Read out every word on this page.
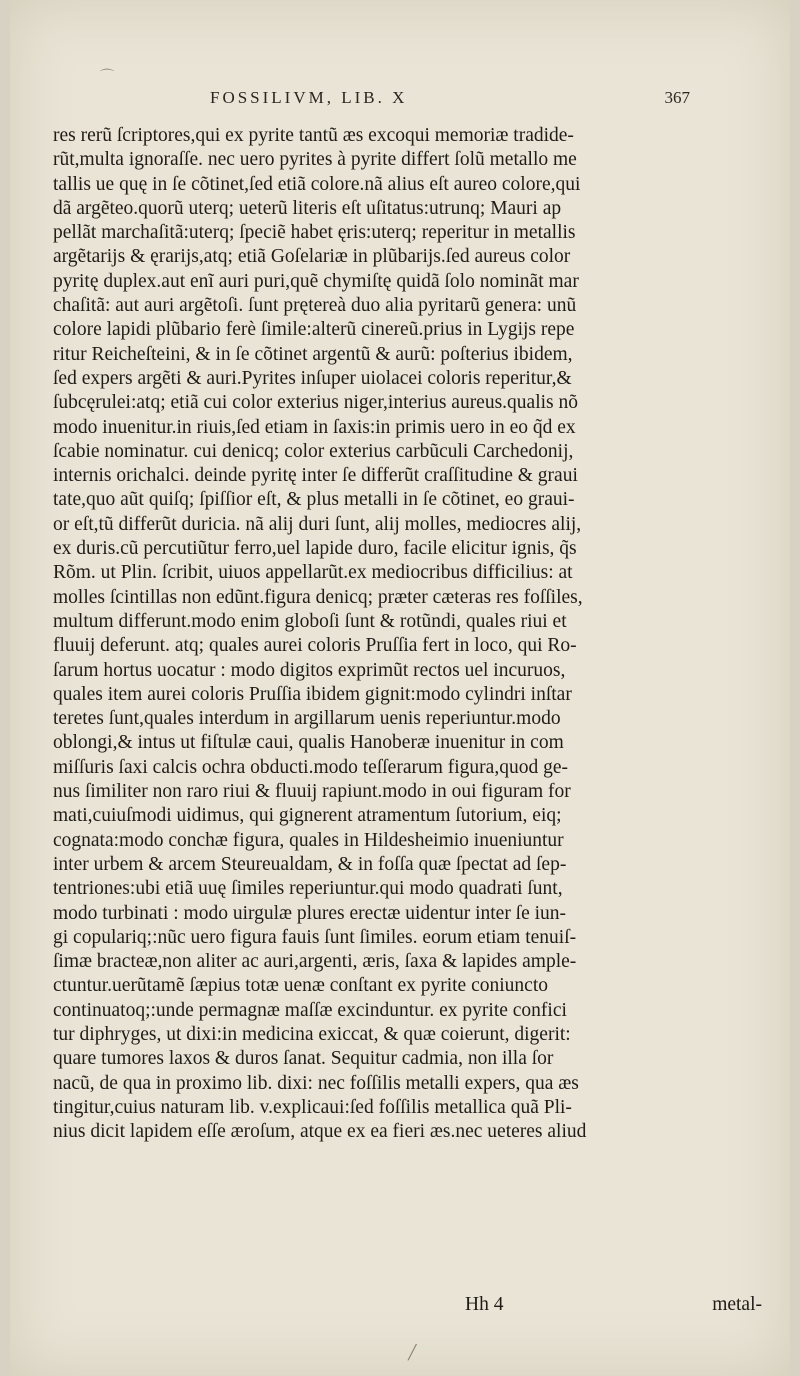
FOSSILIVM, LIB. X	367
res rerũ ſcriptores,qui ex pyrite tantũ æs excoqui memoriæ tradide-
rũt,multa ignoraſſe. nec uero pyrites à pyrite differt ſolũ metallo me
tallis ue quę in ſe cõtinet,ſed etiã colore.nã alius eſt aureo colore,qui
dã argẽteo.quorũ uterq; ueterũ literis eſt uſitatus:utrunq; Mauri ap
pellãt marchaſitã:uterq; ſpeciẽ habet ęris:uterq; reperitur in metallis
argẽtarijs & ęrarijs,atq; etiã Goſelariæ in plũbarijs.ſed aureus color
pyritę duplex.aut enĩ auri puri,quẽ chymiſtę quidã ſolo nominãt mar
chaſitã: aut auri argẽtoſi. ſunt prętereà duo alia pyritarũ genera: unũ
colore lapidi plũbario ferè ſimile:alterũ cinereũ.prius in Lygijs repe
ritur Reicheſteini, & in ſe cõtinet argentũ & aurũ: poſterius ibidem,
ſed expers argẽti & auri.Pyrites inſuper uiolacei coloris reperitur,&
ſubcęrulei:atq; etiã cui color exterius niger,interius aureus.qualis nõ
modo inuenitur.in riuis,ſed etiam in ſaxis:in primis uero in eo q̃d ex
ſcabie nominatur. cui denicq; color exterius carbũculi Carchedonij,
internis orichalci. deinde pyritę inter ſe differũt craſſitudine & graui
tate,quo aũt quiſq; ſpiſſior eſt, & plus metalli in ſe cõtinet, eo graui-
or eſt,tũ differũt duricia. nã alij duri ſunt, alij molles, mediocres alij,
ex duris.cũ percutiũtur ferro,uel lapide duro, facile elicitur ignis, q̃s
Rõm. ut Plin. ſcribit, uiuos appellarũt.ex mediocribus difficilius: at
molles ſcintillas non edũnt.figura denicq; prӕter cӕteras res foſſiles,
multum differunt.modo enim globoſi ſunt & rotũndi, quales riui et
fluuij deferunt. atq; quales aurei coloris Pruſſia fert in loco, qui Ro-
ſarum hortus uocatur : modo digitos exprimũt rectos uel incuruos,
quales item aurei coloris Pruſſia ibidem gignit:modo cylindri inſtar
teretes ſunt,quales interdum in argillarum uenis reperiuntur.modo
oblongi,& intus ut fiſtulæ caui, qualis Hanoberæ inuenitur in com
miſſuris ſaxi calcis ochra obducti.modo teſſerarum figura,quod ge-
nus ſimiliter non raro riui & fluuij rapiunt.modo in oui figuram for
mati,cuiuſmodi uidimus, qui gignerent atramentum ſutorium, eiq;
cognata:modo conchæ figura, quales in Hildesheimio inueniuntur
inter urbem & arcem Steureualdam, & in foſſa quæ ſpectat ad ſep-
tentriones:ubi etiã uuę ſimiles reperiuntur.qui modo quadrati ſunt,
modo turbinati : modo uirgulæ plures erectæ uidentur inter ſe iun-
gi copulariq;:nũc uero figura fauis ſunt ſimiles. eorum etiam tenuiſ-
ſimæ bracteæ,non aliter ac auri,argenti, æris, ſaxa & lapides ample-
ctuntur.uerũtamẽ ſæpius totæ uenæ conſtant ex pyrite coniuncto
continuatoq;:unde permagnæ maſſæ excinduntur. ex pyrite confici
tur diphryges, ut dixi:in medicina exiccat, & quæ coierunt, digerit:
quare tumores laxos & duros ſanat. Sequitur cadmia, non illa ſor
nacũ, de qua in proximo lib. dixi: nec foſſilis metalli expers, qua æs
tingitur,cuius naturam lib. v.explicaui:ſed foſſilis metallica quã Pli-
nius dicit lapidem eſſe ærоſum, atque ex ea fieri æs.nec ueteres aliud
Hh 4	metal-
⌒
╱
